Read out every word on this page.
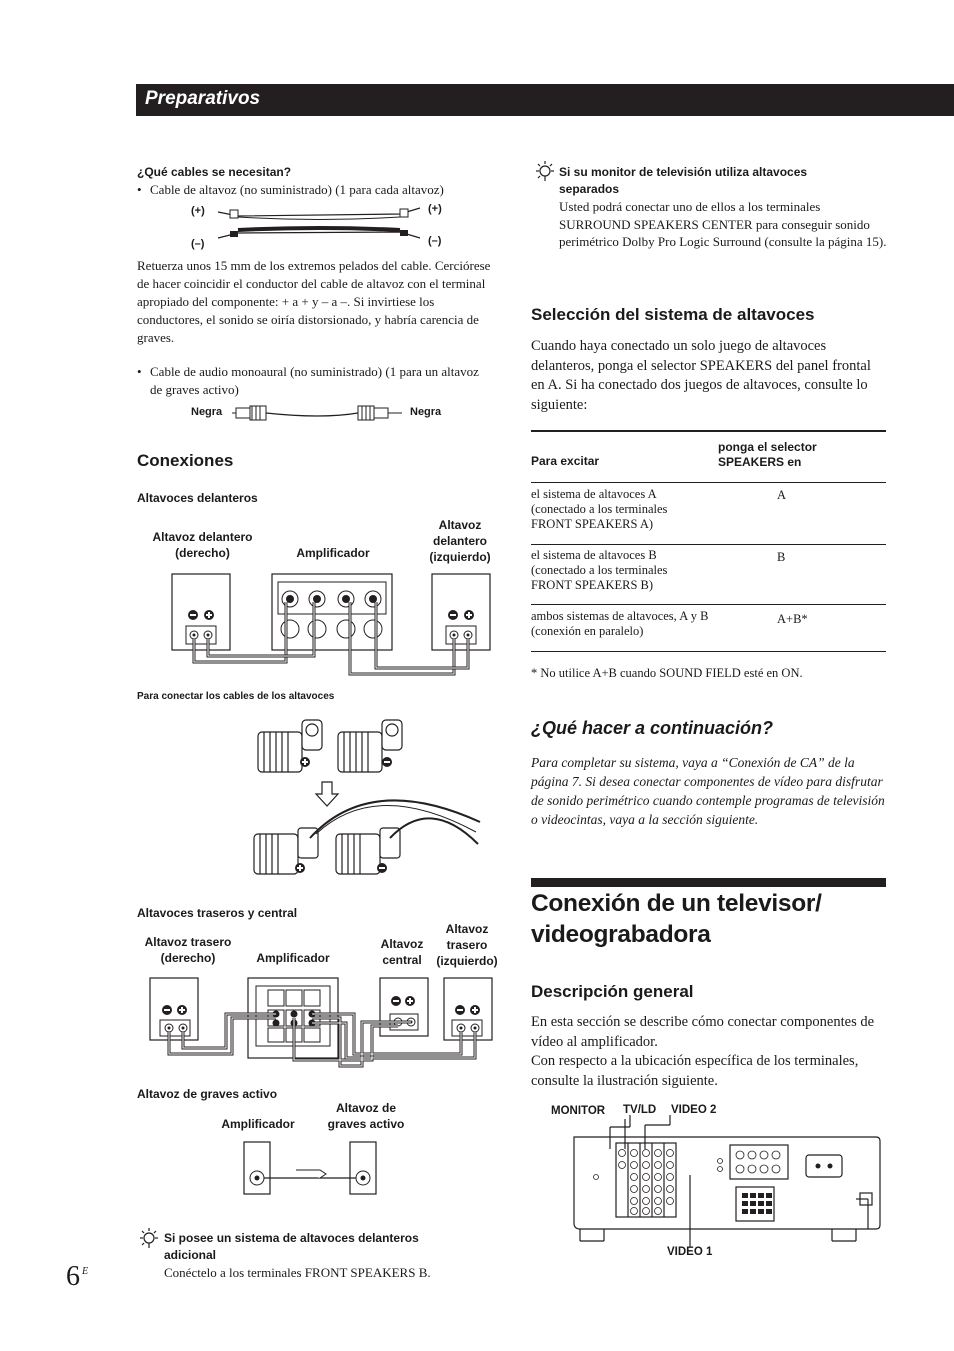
Preparativos
¿Qué cables se necesitan?
• Cable de altavoz (no suministrado) (1 para cada altavoz)
(+)
(–)
(+)
(–)
Retuerza unos 15 mm de los extremos pelados del cable. Cerciórese de hacer coincidir el conductor del cable de altavoz con el terminal apropiado del componente: + a + y – a –. Si invirtiese los conductores, el sonido se oiría distorsionado, y habría carencia de graves.
• Cable de audio monoaural (no suministrado) (1 para un altavoz de graves activo)
Negra	Negra
Conexiones
Altavoces delanteros
Altavoz delantero (derecho)	Amplificador
Altavoz delantero (izquierdo)
Para conectar los cables de los altavoces
Altavoces traseros y central
Altavoz trasero (derecho)	Amplificador
Altavoz central
Altavoz trasero (izquierdo)
Altavoz de graves activo
Amplificador
Altavoz de graves activo
Si posee un sistema de altavoces delanteros adicional
Conéctelo a los terminales FRONT SPEAKERS B.
6 E
Si su monitor de televisión utiliza altavoces separados
Usted podrá conectar uno de ellos a los terminales SURROUND SPEAKERS CENTER para conseguir sonido perimétrico Dolby Pro Logic Surround (consulte la página 15).
Selección del sistema de altavoces
Cuando haya conectado un solo juego de altavoces delanteros, ponga el selector SPEAKERS del panel frontal en A. Si ha conectado dos juegos de altavoces, consulte lo siguiente:
Para excitar
ponga el selector SPEAKERS en
el sistema de altavoces A (conectado a los terminales FRONT SPEAKERS A)
A
el sistema de altavoces B (conectado a los terminales FRONT SPEAKERS B)
B
ambos sistemas de altavoces, A y B (conexión en paralelo)
A+B*
* No utilice A+B cuando SOUND FIELD esté en ON.
¿Qué hacer a continuación?
Para completar su sistema, vaya a “Conexión de CA” de la página 7. Si desea conectar componentes de vídeo para disfrutar de sonido perimétrico cuando contemple programas de televisión o videocintas, vaya a la sección siguiente.
Conexión de un televisor/
videograbadora
Descripción general
En esta sección se describe cómo conectar componentes de vídeo al amplificador.
Con respecto a la ubicación específica de los terminales, consulte la ilustración siguiente.
MONITOR TV/LD VIDEO 2
VIDEO 1
